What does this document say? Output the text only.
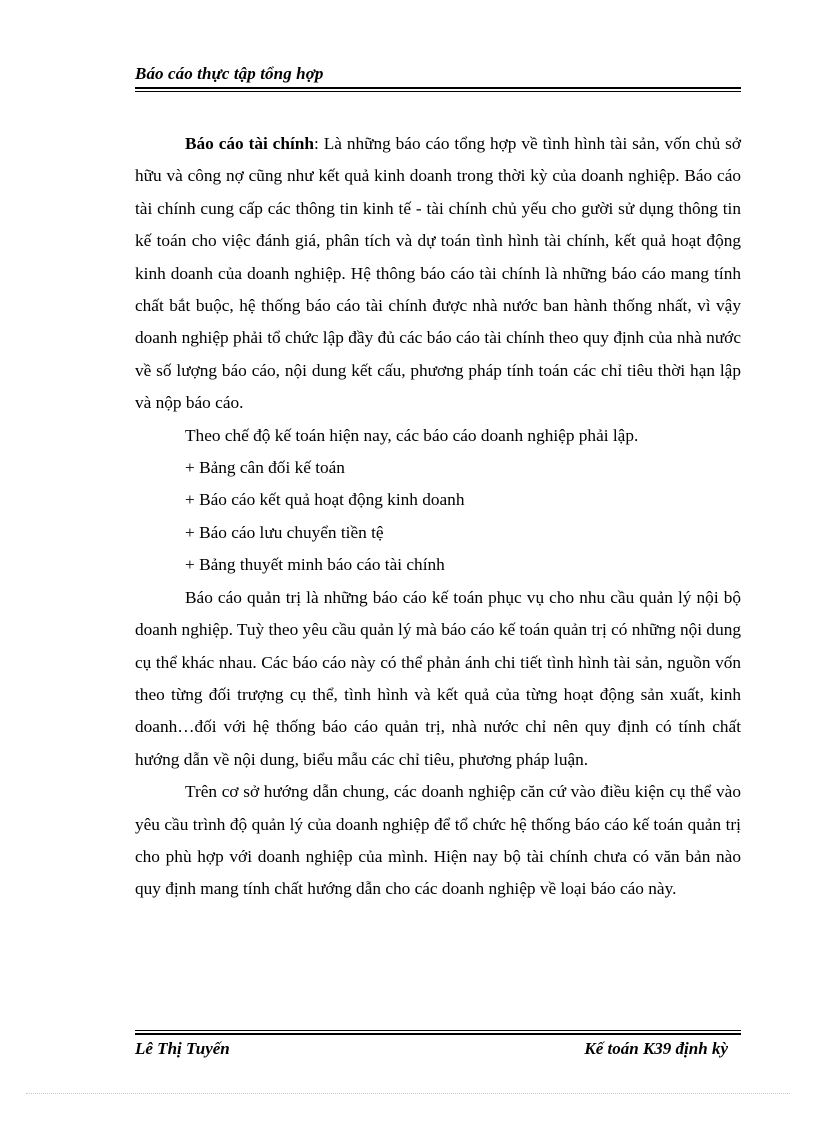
Báo cáo thực tập tổng hợp

Báo cáo tài chính: Là những báo cáo tổng hợp về tình hình tài sản, vốn chủ sở hữu và công nợ cũng như kết quả kinh doanh trong thời kỳ của doanh nghiệp. Báo cáo tài chính cung cấp các thông tin kinh tế - tài chính chủ yếu cho gười sử dụng thông tin kế toán cho việc đánh giá, phân tích và dự toán tình hình tài chính, kết quả hoạt động kinh doanh của doanh nghiệp. Hệ thông báo cáo tài chính là những báo cáo mang tính chất bắt buộc, hệ thống báo cáo tài chính được nhà nước ban hành thống nhất, vì vậy doanh nghiệp phải tổ chức lập đầy đủ các báo cáo tài chính theo quy định của nhà nước về số lượng báo cáo, nội dung kết cấu, phương pháp tính toán các chỉ tiêu thời hạn lập và nộp báo cáo.

Theo chế độ kế toán hiện nay, các báo cáo doanh nghiệp phải lập.

+ Bảng cân đối kế toán

+ Báo cáo kết quả hoạt động kinh doanh

+ Báo cáo lưu chuyển tiền tệ

+ Bảng thuyết minh báo cáo tài chính

Báo cáo quản trị là những báo cáo kế toán phục vụ cho nhu cầu quản lý nội bộ doanh nghiệp. Tuỳ theo yêu cầu quản lý mà báo cáo kế toán quản trị có những nội dung cụ thể khác nhau. Các báo cáo này có thể phản ánh chi tiết tình hình tài sản, nguồn vốn theo từng đối trượng cụ thể, tình hình và kết quả của từng hoạt động sản xuất, kinh doanh…đối với hệ thống báo cáo quản trị, nhà nước chỉ nên quy định có tính chất hướng dẫn về nội dung, biểu mẫu các chỉ tiêu, phương pháp luận.

Trên cơ sở hướng dẫn chung, các doanh nghiệp căn cứ vào điều kiện cụ thể vào yêu cầu trình độ quản lý của doanh nghiệp để tổ chức hệ thống báo cáo kế toán quản trị cho phù hợp với doanh nghiệp của mình. Hiện nay bộ tài chính chưa có văn bản nào quy định mang tính chất hướng dẫn cho các doanh nghiệp về loại báo cáo này.

Lê Thị Tuyến	Kế toán K39 định kỳ
